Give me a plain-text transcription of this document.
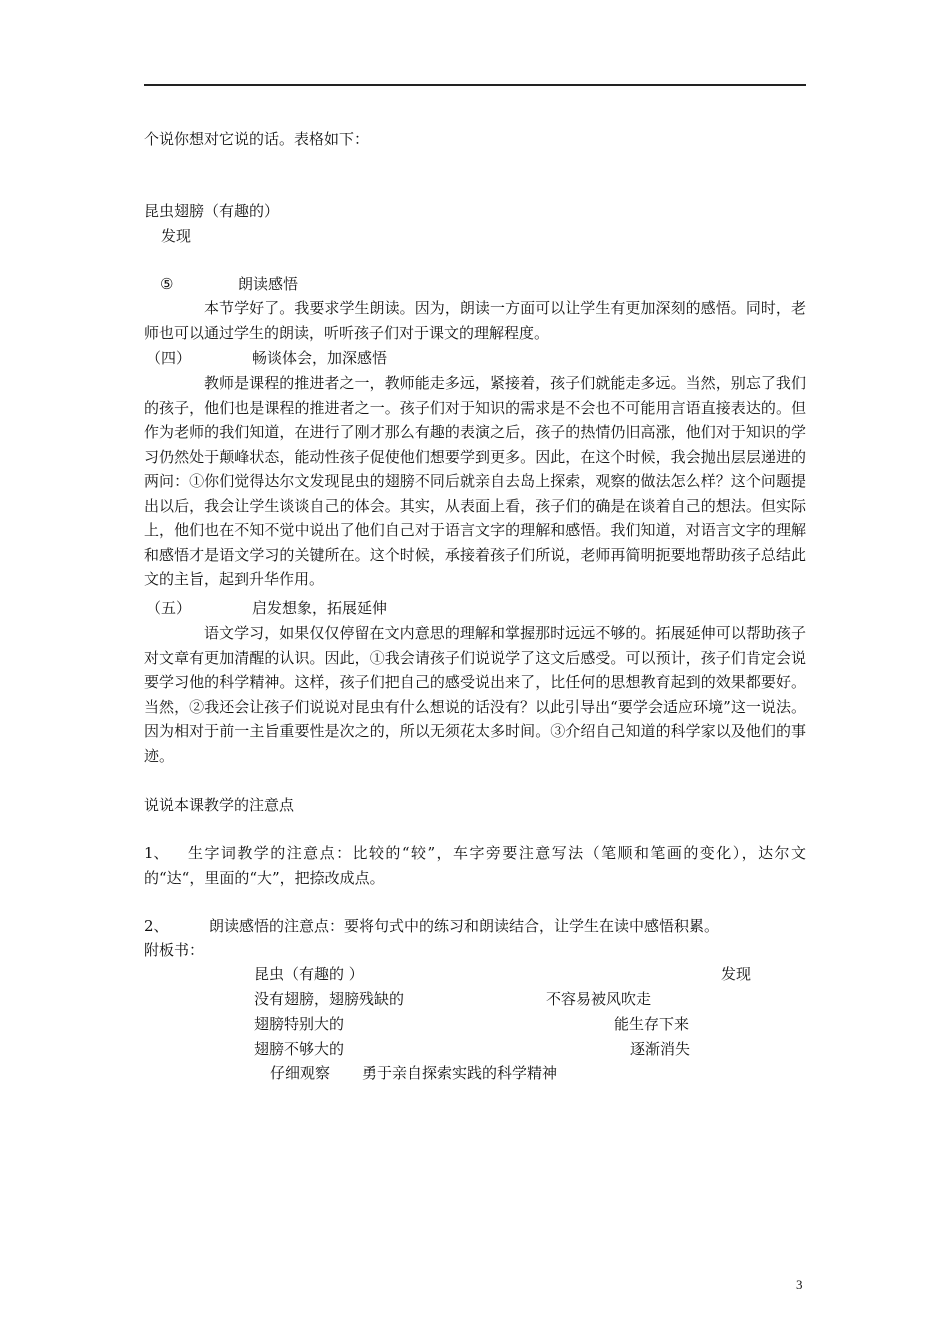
个说你想对它说的话。表格如下：
昆虫翅膀（有趣的）
发现
⑤	朗读感悟
本节学好了。我要求学生朗读。因为，朗读一方面可以让学生有更加深刻的感悟。同时，老师也可以通过学生的朗读，听听孩子们对于课文的理解程度。
（四）	畅谈体会，加深感悟
教师是课程的推进者之一，教师能走多远，紧接着，孩子们就能走多远。当然，别忘了我们的孩子，他们也是课程的推进者之一。孩子们对于知识的需求是不会也不可能用言语直接表达的。但作为老师的我们知道，在进行了刚才那么有趣的表演之后，孩子的热情仍旧高涨，他们对于知识的学习仍然处于颠峰状态，能动性孩子促使他们想要学到更多。因此，在这个时候，我会抛出层层递进的两问：①你们觉得达尔文发现昆虫的翅膀不同后就亲自去岛上探索，观察的做法怎么样？这个问题提出以后，我会让学生谈谈自己的体会。其实，从表面上看，孩子们的确是在谈着自己的想法。但实际上，他们也在不知不觉中说出了他们自己对于语言文字的理解和感悟。我们知道，对语言文字的理解和感悟才是语文学习的关键所在。这个时候，承接着孩子们所说，老师再简明扼要地帮助孩子总结此文的主旨，起到升华作用。
（五）	启发想象，拓展延伸
语文学习，如果仅仅停留在文内意思的理解和掌握那时远远不够的。拓展延伸可以帮助孩子对文章有更加清醒的认识。因此，①我会请孩子们说说学了这文后感受。可以预计，孩子们肯定会说要学习他的科学精神。这样，孩子们把自己的感受说出来了，比任何的思想教育起到的效果都要好。当然，②我还会让孩子们说说对昆虫有什么想说的话没有？以此引导出“要学会适应环境”这一说法。因为相对于前一主旨重要性是次之的，所以无须花太多时间。③介绍自己知道的科学家以及他们的事迹。
说说本课教学的注意点
1、	生字词教学的注意点：比较的“较”，车字旁要注意写法（笔顺和笔画的变化），达尔文的“达“，里面的“大”，把捺改成点。
2、	朗读感悟的注意点：要将句式中的练习和朗读结合，让学生在读中感悟积累。
附板书：
昆虫（有趣的 ）	发现
没有翅膀，翅膀残缺的	不容易被风吹走
翅膀特别大的	能生存下来
翅膀不够大的	逐渐消失
仔细观察 勇于亲自探索实践的科学精神
3
